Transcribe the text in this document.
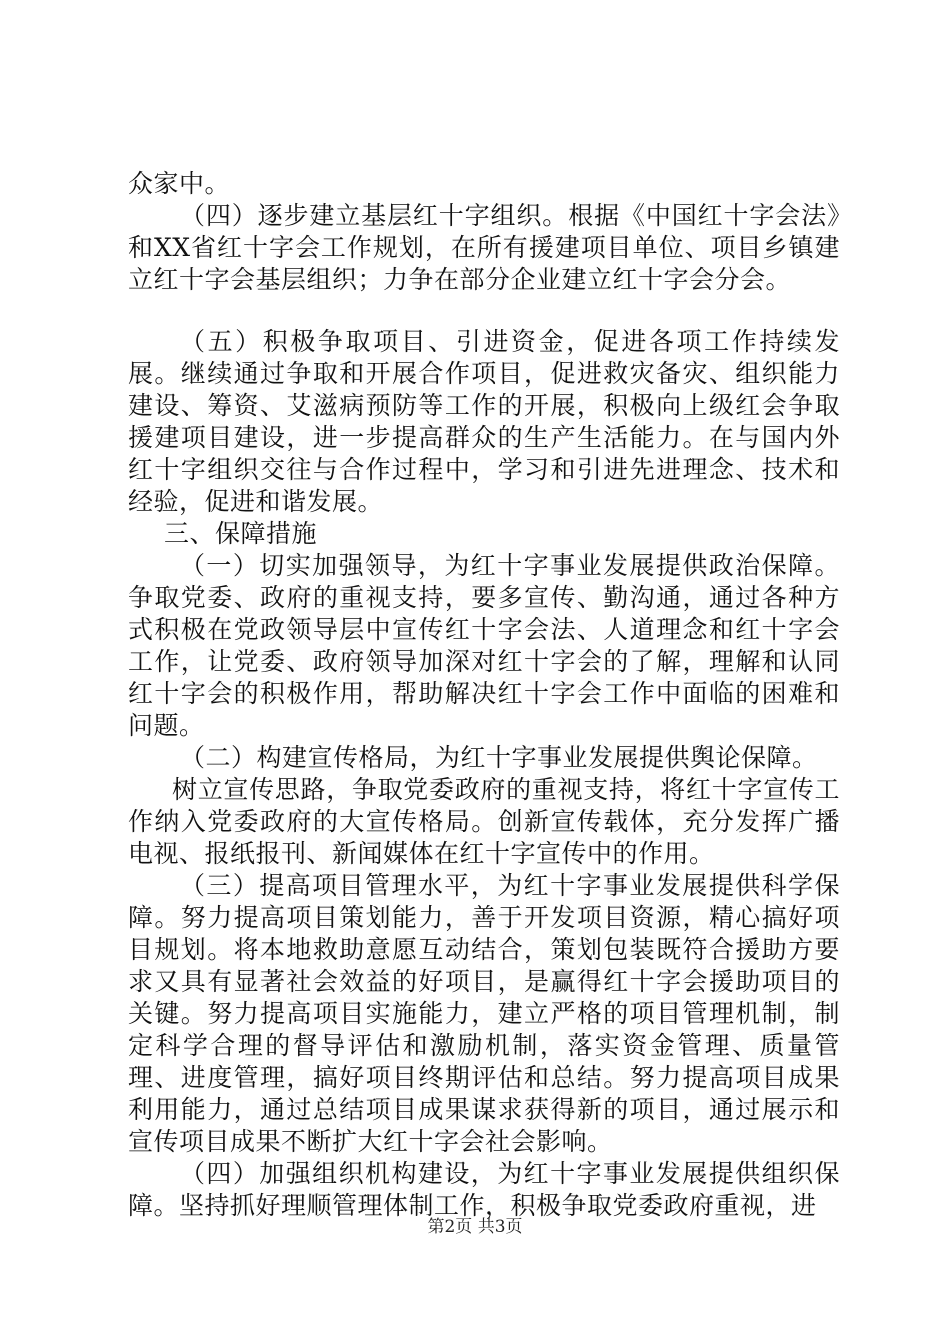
众家中。

（四）逐步建立基层红十字组织。根据《中国红十字会法》和XX省红十字会工作规划，在所有援建项目单位、项目乡镇建立红十字会基层组织；力争在部分企业建立红十字会分会。

（五）积极争取项目、引进资金，促进各项工作持续发展。继续通过争取和开展合作项目，促进救灾备灾、组织能力建设、筹资、艾滋病预防等工作的开展，积极向上级红会争取援建项目建设，进一步提高群众的生产生活能力。在与国内外红十字组织交往与合作过程中，学习和引进先进理念、技术和经验，促进和谐发展。

三、保障措施

（一）切实加强领导，为红十字事业发展提供政治保障。争取党委、政府的重视支持，要多宣传、勤沟通，通过各种方式积极在党政领导层中宣传红十字会法、人道理念和红十字会工作，让党委、政府领导加深对红十字会的了解，理解和认同红十字会的积极作用，帮助解决红十字会工作中面临的困难和问题。

（二）构建宣传格局，为红十字事业发展提供舆论保障。

树立宣传思路，争取党委政府的重视支持，将红十字宣传工作纳入党委政府的大宣传格局。创新宣传载体，充分发挥广播电视、报纸报刊、新闻媒体在红十字宣传中的作用。

（三）提高项目管理水平，为红十字事业发展提供科学保障。努力提高项目策划能力，善于开发项目资源，精心搞好项目规划。将本地救助意愿互动结合，策划包装既符合援助方要求又具有显著社会效益的好项目，是赢得红十字会援助项目的关键。努力提高项目实施能力，建立严格的项目管理机制，制定科学合理的督导评估和激励机制，落实资金管理、质量管理、进度管理，搞好项目终期评估和总结。努力提高项目成果利用能力，通过总结项目成果谋求获得新的项目，通过展示和宣传项目成果不断扩大红十字会社会影响。

（四）加强组织机构建设，为红十字事业发展提供组织保障。坚持抓好理顺管理体制工作，积极争取党委政府重视，进

第2页 共3页
